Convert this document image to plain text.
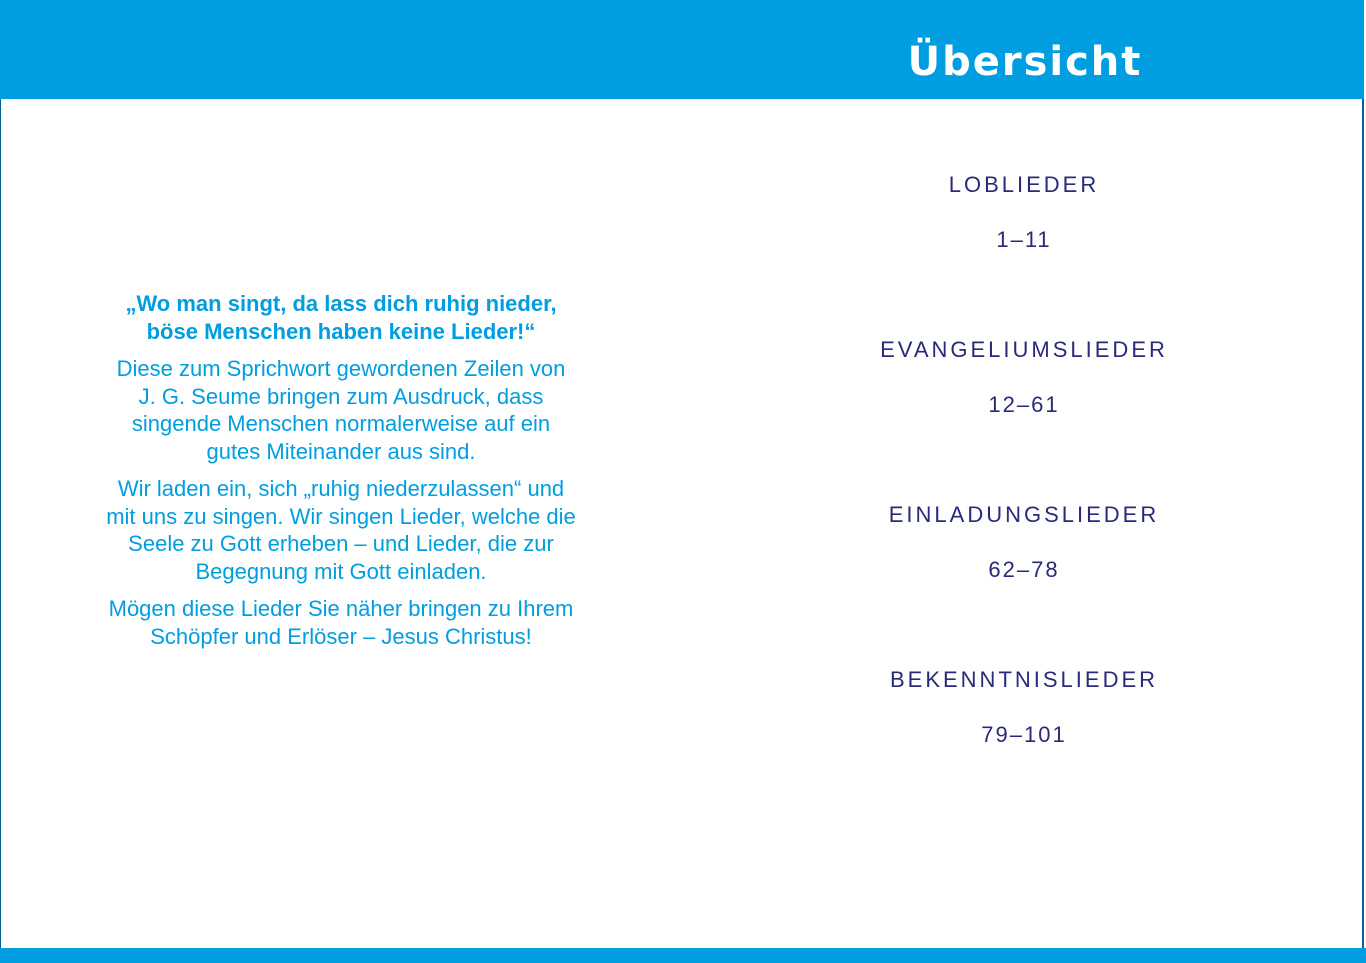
Übersicht

„Wo man singt, da lass dich ruhig nieder,
böse Menschen haben keine Lieder!“

Diese zum Sprichwort gewordenen Zeilen von
J. G. Seume bringen zum Ausdruck, dass
singende Menschen normalerweise auf ein
gutes Miteinander aus sind.

Wir laden ein, sich „ruhig niederzulassen“ und
mit uns zu singen. Wir singen Lieder, welche die
Seele zu Gott erheben – und Lieder, die zur
Begegnung mit Gott einladen.

Mögen diese Lieder Sie näher bringen zu Ihrem
Schöpfer und Erlöser – Jesus Christus!

LOBLIEDER
1–11
EVANGELIUMSLIEDER
12–61
EINLADUNGSLIEDER
62–78
BEKENNTNISLIEDER
79–101
